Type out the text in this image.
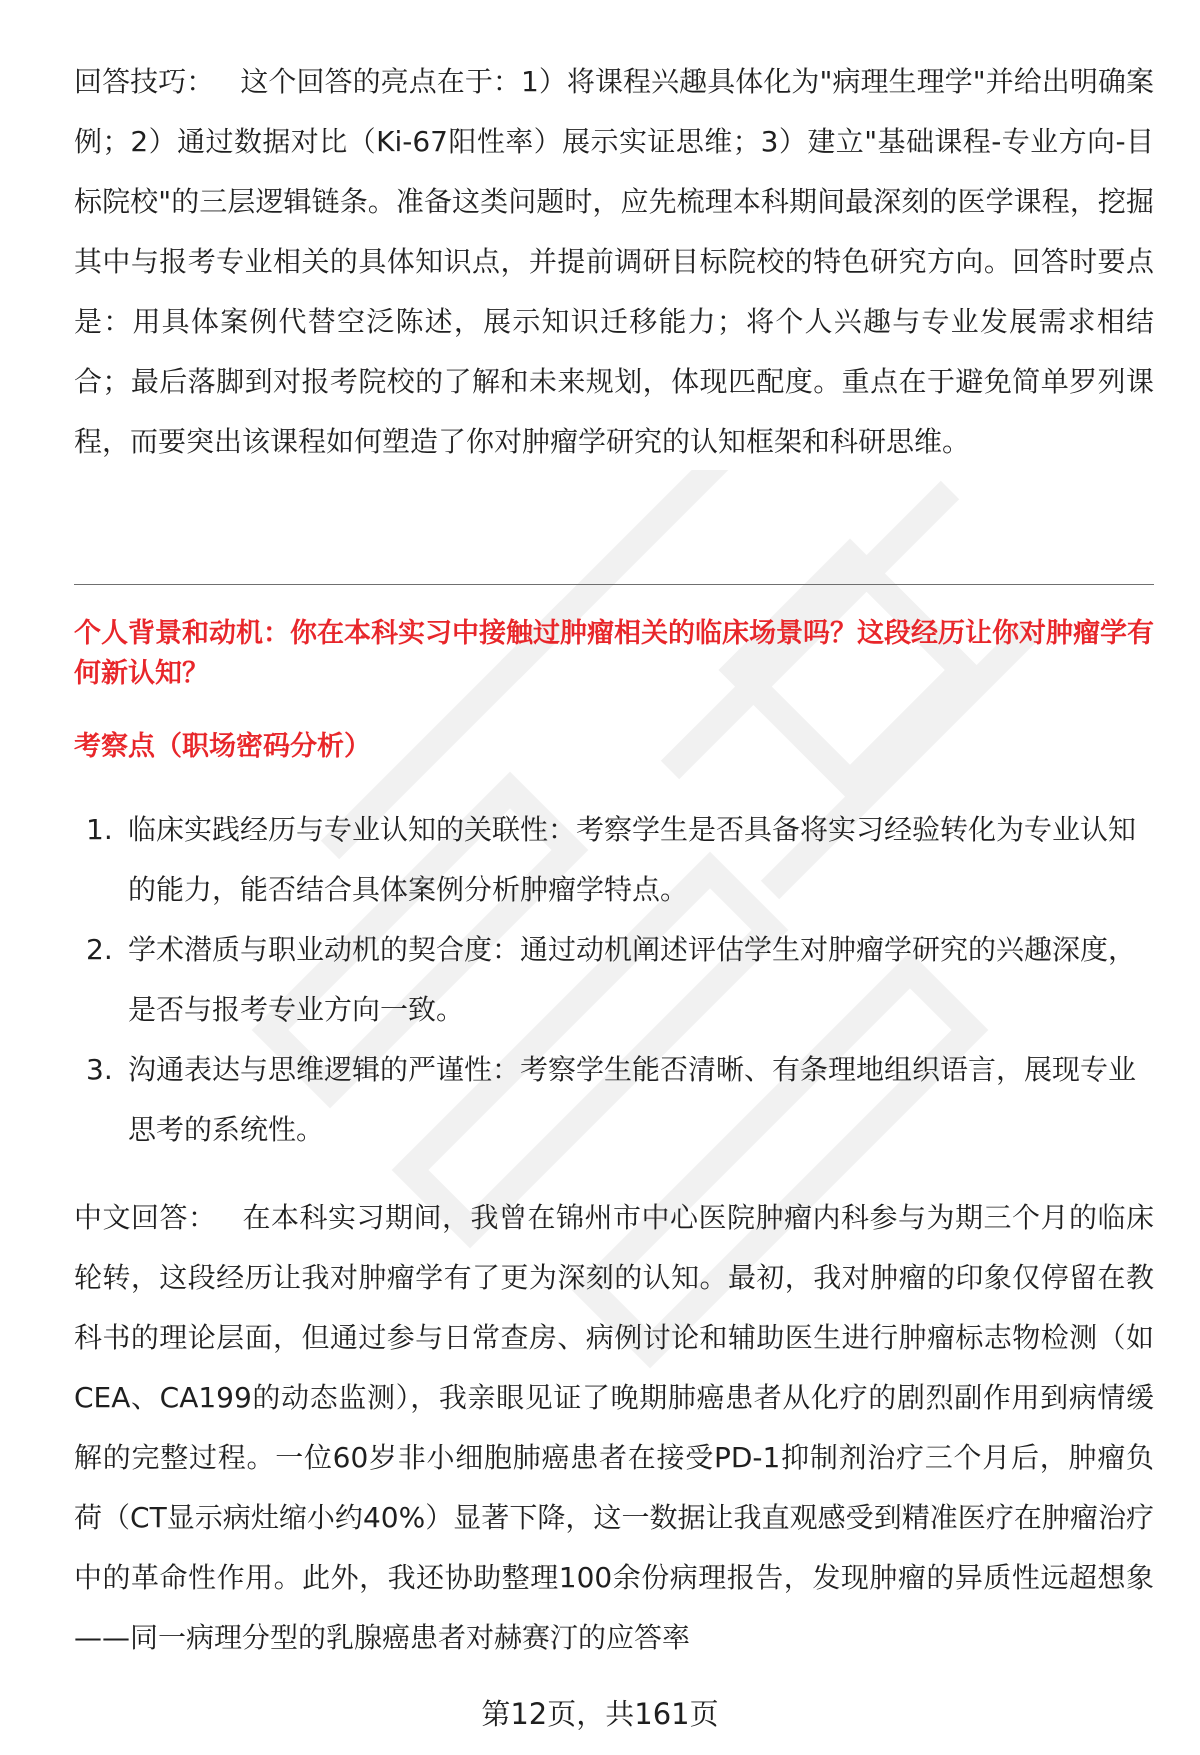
回答技巧： 这个回答的亮点在于：1）将课程兴趣具体化为"病理生理学"并给出明确案例；2）通过数据对比（Ki-67阳性率）展示实证思维；3）建立"基础课程-专业方向-目标院校"的三层逻辑链条。准备这类问题时，应先梳理本科期间最深刻的医学课程，挖掘其中与报考专业相关的具体知识点，并提前调研目标院校的特色研究方向。回答时要点是：用具体案例代替空泛陈述，展示知识迁移能力；将个人兴趣与专业发展需求相结合；最后落脚到对报考院校的了解和未来规划，体现匹配度。重点在于避免简单罗列课程，而要突出该课程如何塑造了你对肿瘤学研究的认知框架和科研思维。

个人背景和动机：你在本科实习中接触过肿瘤相关的临床场景吗？这段经历让你对肿瘤学有何新认知？
考察点（职场密码分析）
1. 临床实践经历与专业认知的关联性：考察学生是否具备将实习经验转化为专业认知的能力，能否结合具体案例分析肿瘤学特点。
2. 学术潜质与职业动机的契合度：通过动机阐述评估学生对肿瘤学研究的兴趣深度，是否与报考专业方向一致。
3. 沟通表达与思维逻辑的严谨性：考察学生能否清晰、有条理地组织语言，展现专业思考的系统性。

中文回答： 在本科实习期间，我曾在锦州市中心医院肿瘤内科参与为期三个月的临床轮转，这段经历让我对肿瘤学有了更为深刻的认知。最初，我对肿瘤的印象仅停留在教科书的理论层面，但通过参与日常查房、病例讨论和辅助医生进行肿瘤标志物检测（如CEA、CA199的动态监测），我亲眼见证了晚期肺癌患者从化疗的剧烈副作用到病情缓解的完整过程。一位60岁非小细胞肺癌患者在接受PD-1抑制剂治疗三个月后，肿瘤负荷（CT显示病灶缩小约40%）显著下降，这一数据让我直观感受到精准医疗在肿瘤治疗中的革命性作用。此外，我还协助整理100余份病理报告，发现肿瘤的异质性远超想象——同一病理分型的乳腺癌患者对赫赛汀的应答率

第12页，共161页
